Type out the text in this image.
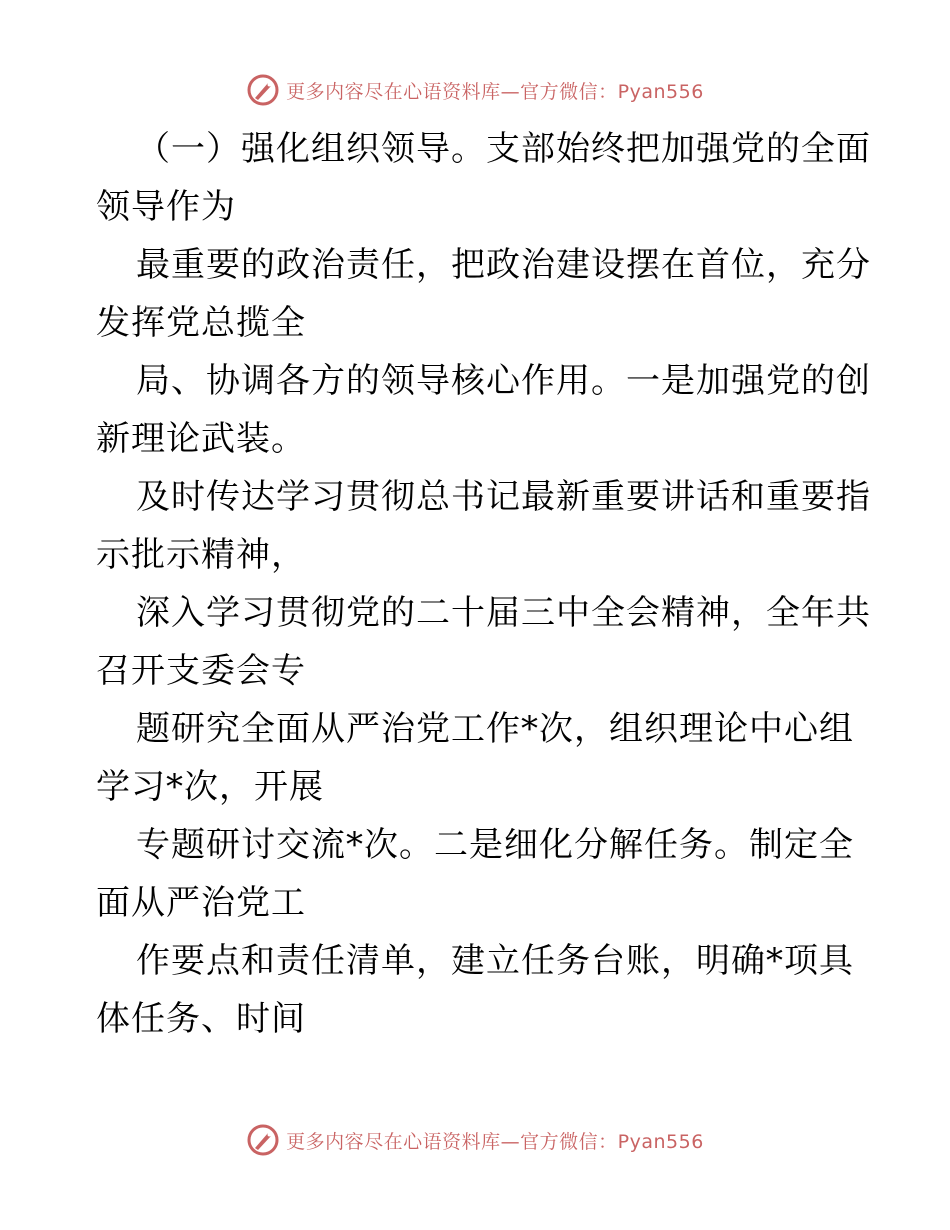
更多内容尽在心语资料库—官方微信：Pyan556
（一）强化组织领导。支部始终把加强党的全面
领导作为
最重要的政治责任，把政治建设摆在首位，充分
发挥党总揽全
局、协调各方的领导核心作用。一是加强党的创
新理论武装。
及时传达学习贯彻总书记最新重要讲话和重要指
示批示精神，
深入学习贯彻党的二十届三中全会精神，全年共
召开支委会专
题研究全面从严治党工作*次，组织理论中心组
学习*次，开展
专题研讨交流*次。二是细化分解任务。制定全
面从严治党工
作要点和责任清单，建立任务台账，明确*项具
体任务、时间
更多内容尽在心语资料库—官方微信：Pyan556
